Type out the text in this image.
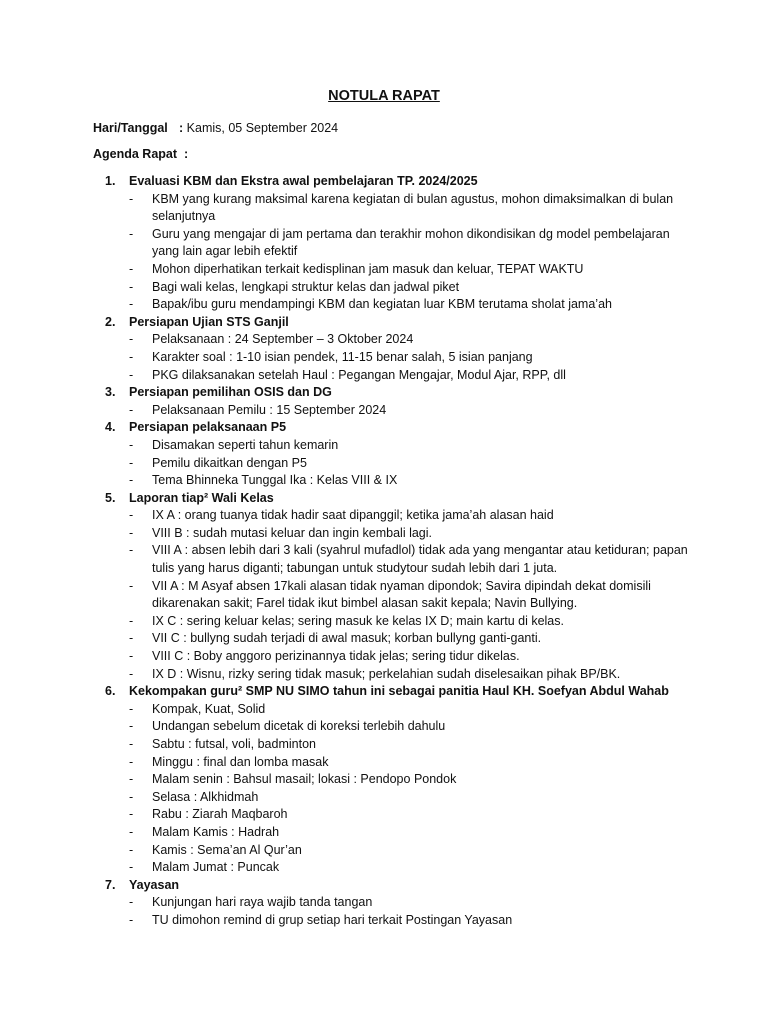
NOTULA RAPAT
Hari/Tanggal : Kamis, 05 September 2024
Agenda Rapat :
1. Evaluasi KBM dan Ekstra awal pembelajaran TP. 2024/2025
- KBM yang kurang maksimal karena kegiatan di bulan agustus, mohon dimaksimalkan di bulan selanjutnya
- Guru yang mengajar di jam pertama dan terakhir mohon dikondisikan dg model pembelajaran yang lain agar lebih efektif
- Mohon diperhatikan terkait kedisplinan jam masuk dan keluar, TEPAT WAKTU
- Bagi wali kelas, lengkapi struktur kelas dan jadwal piket
- Bapak/ibu guru mendampingi KBM dan kegiatan luar KBM terutama sholat jama’ah
2. Persiapan Ujian STS Ganjil
- Pelaksanaan : 24 September – 3 Oktober 2024
- Karakter soal : 1-10 isian pendek, 11-15 benar salah, 5 isian panjang
- PKG dilaksanakan setelah Haul : Pegangan Mengajar, Modul Ajar, RPP, dll
3. Persiapan pemilihan OSIS dan DG
- Pelaksanaan Pemilu : 15 September 2024
4. Persiapan pelaksanaan P5
- Disamakan seperti tahun kemarin
- Pemilu dikaitkan dengan P5
- Tema Bhinneka Tunggal Ika : Kelas VIII & IX
5. Laporan tiap² Wali Kelas
- IX A : orang tuanya tidak hadir saat dipanggil; ketika jama’ah alasan haid
- VIII B : sudah mutasi keluar dan ingin kembali lagi.
- VIII A : absen lebih dari 3 kali (syahrul mufadlol) tidak ada yang mengantar atau ketiduran; papan tulis yang harus diganti; tabungan untuk studytour sudah lebih dari 1 juta.
- VII A : M Asyaf absen 17kali alasan tidak nyaman dipondok; Savira dipindah dekat domisili dikarenakan sakit; Farel tidak ikut bimbel alasan sakit kepala; Navin Bullying.
- IX C : sering keluar kelas; sering masuk ke kelas IX D; main kartu di kelas.
- VII C : bullyng sudah terjadi di awal masuk; korban bullyng ganti-ganti.
- VIII C : Boby anggoro perizinannya tidak jelas; sering tidur dikelas.
- IX D : Wisnu, rizky sering tidak masuk; perkelahian sudah diselesaikan pihak BP/BK.
6. Kekompakan guru² SMP NU SIMO tahun ini sebagai panitia Haul KH. Soefyan Abdul Wahab
- Kompak, Kuat, Solid
- Undangan sebelum dicetak di koreksi terlebih dahulu
- Sabtu : futsal, voli, badminton
- Minggu : final dan lomba masak
- Malam senin : Bahsul masail; lokasi : Pendopo Pondok
- Selasa : Alkhidmah
- Rabu : Ziarah Maqbaroh
- Malam Kamis : Hadrah
- Kamis : Sema’an Al Qur’an
- Malam Jumat : Puncak
7. Yayasan
- Kunjungan hari raya wajib tanda tangan
- TU dimohon remind di grup setiap hari terkait Postingan Yayasan
